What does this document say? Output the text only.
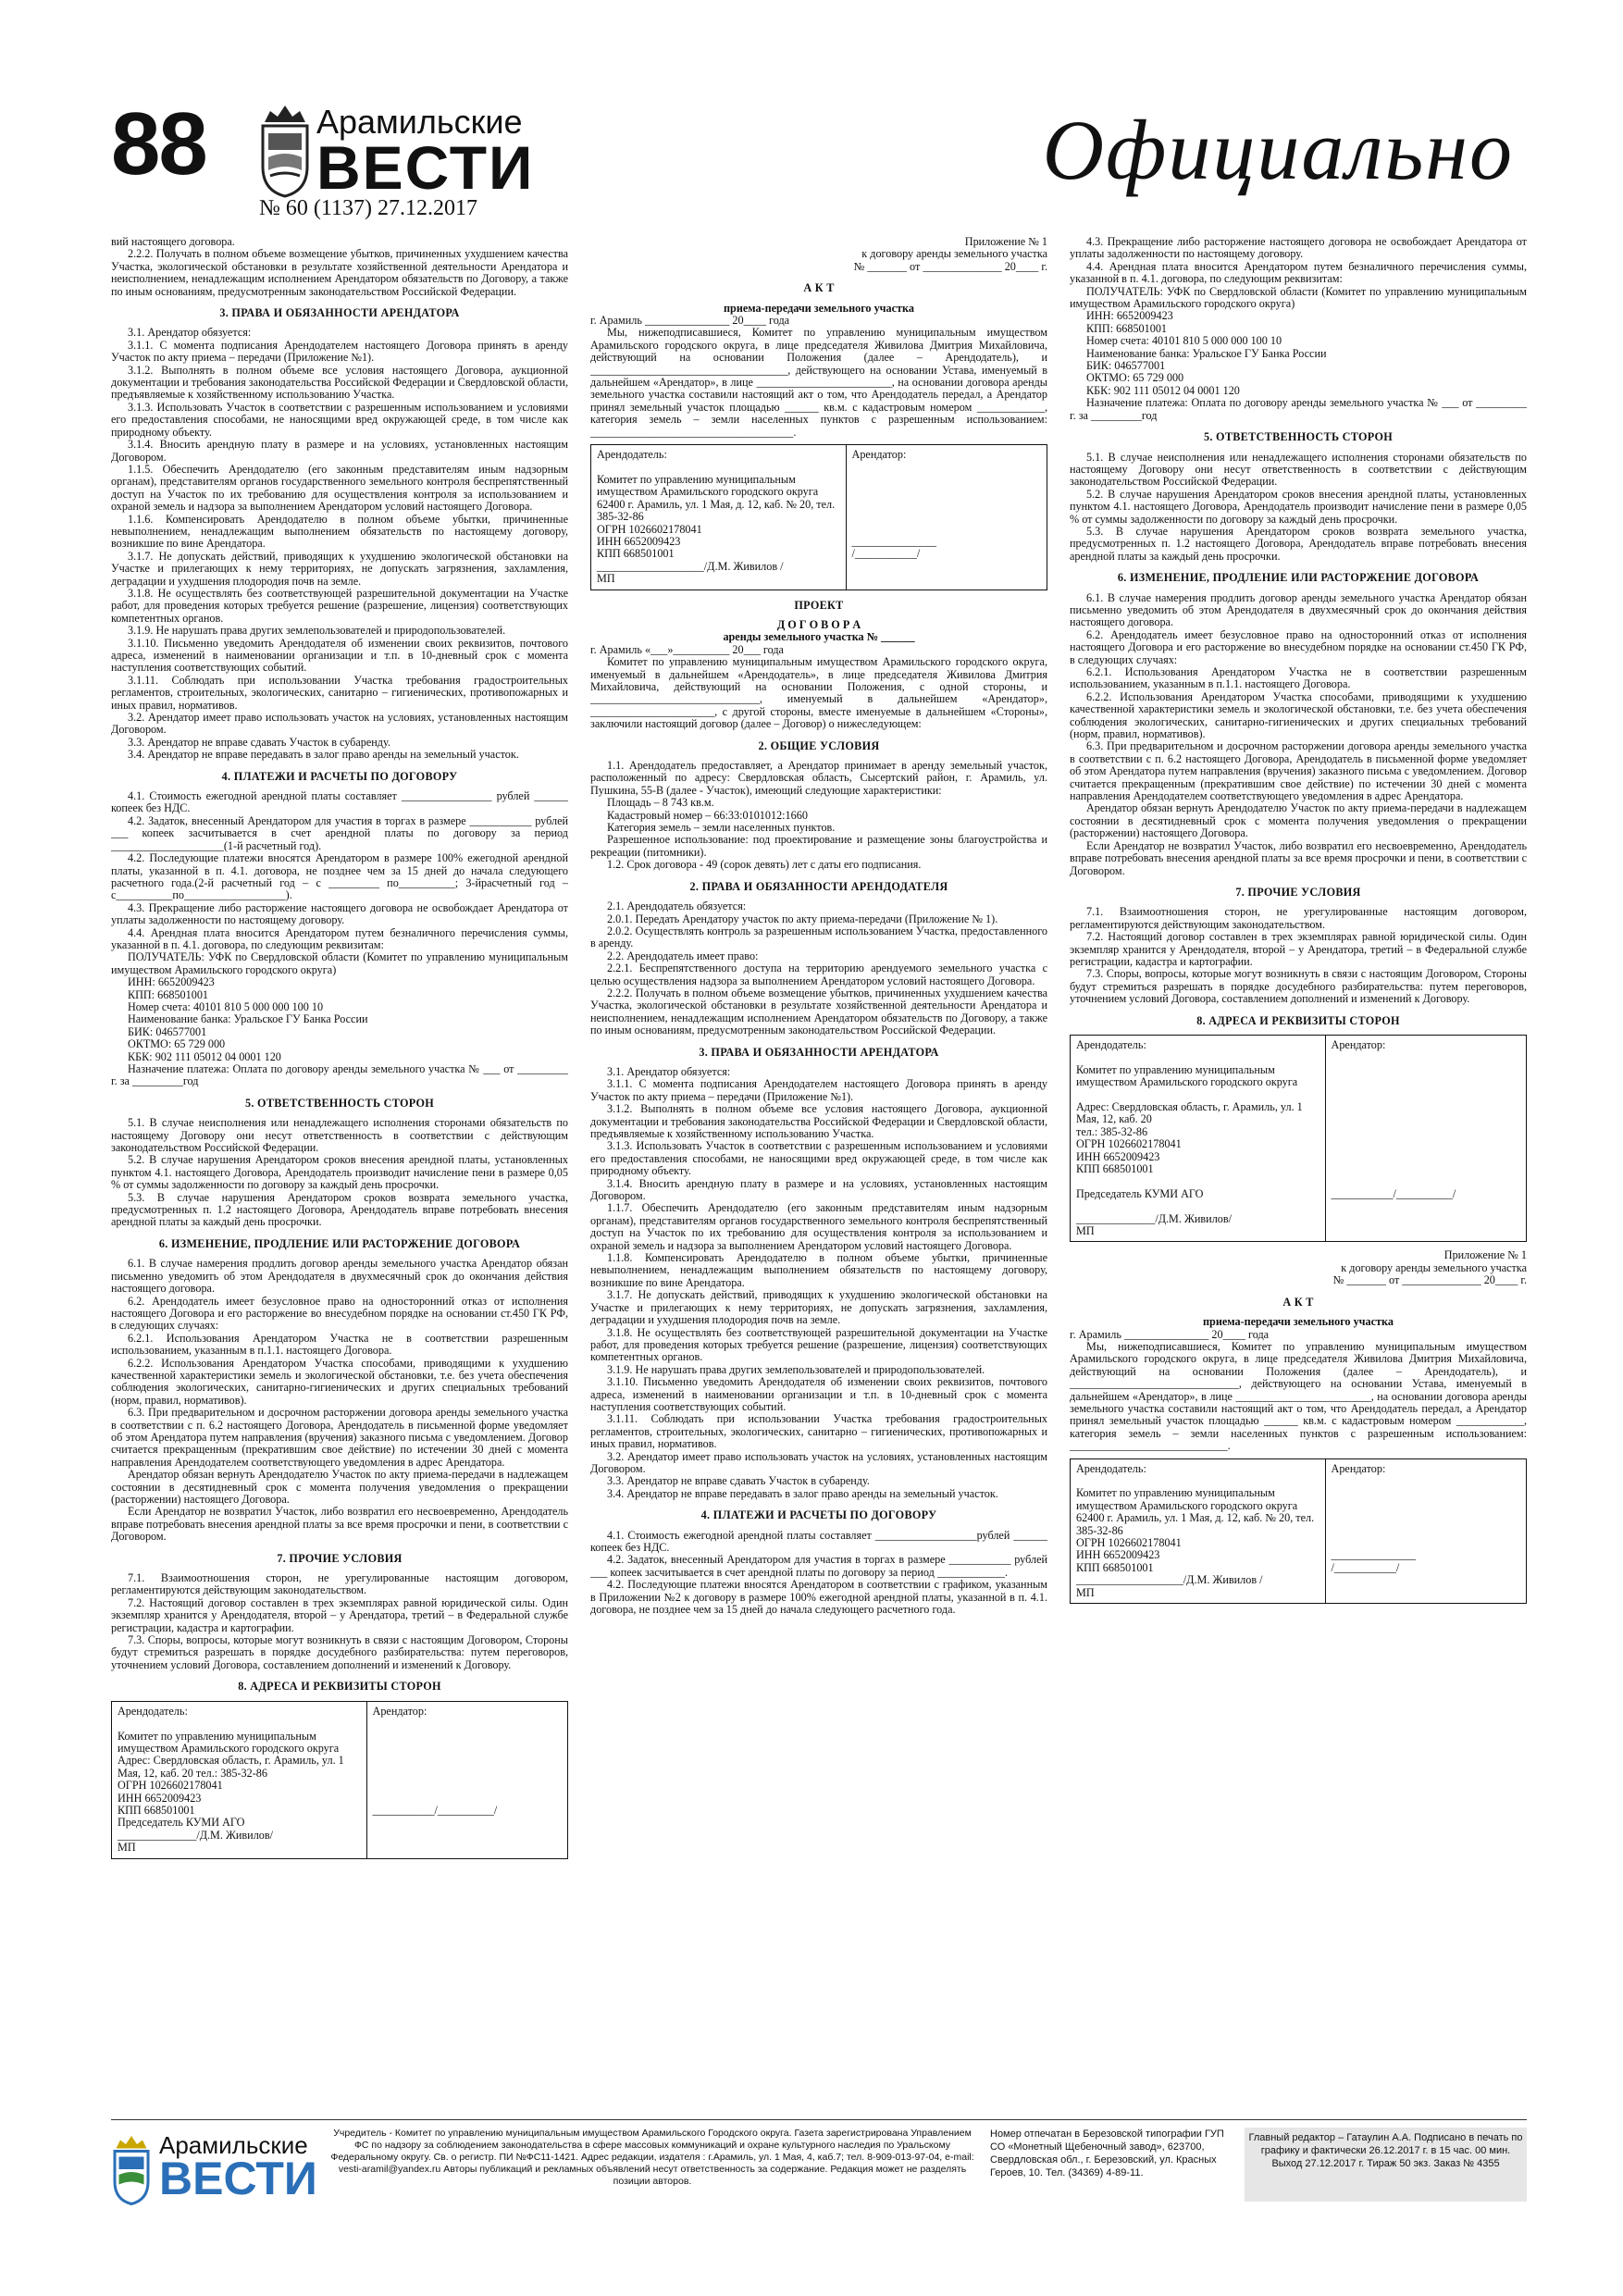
88	Арамильские
ВЕСТИ
№ 60 (1137) 27.12.2017
Официально

вий настоящего договора.

2.2.2. Получать в полном объеме возмещение убытков, причиненных ухудшением качества Участка, экологической обстановки в результате хозяйственной деятельности Арендатора и неисполнением, ненадлежащим исполнением Арендатором обязательств по Договору, а также по иным основаниям, предусмотренным законодательством Российской Федерации.

3. ПРАВА И ОБЯЗАННОСТИ АРЕНДАТОРА

3.1. Арендатор обязуется:

3.1.1. С момента подписания Арендодателем настоящего Договора принять в аренду Участок по акту приема – передачи (Приложение №1).

3.1.2. Выполнять в полном объеме все условия настоящего Договора, аукционной документации и требования законодательства Российской Федерации и Свердловской области, предъявляемые к хозяйственному использованию Участка.

3.1.3. Использовать Участок в соответствии с разрешенным использованием и условиями его предоставления способами, не наносящими вред окружающей среде, в том числе как природному объекту.

3.1.4. Вносить арендную плату в размере и на условиях, установленных настоящим Договором.

1.1.5. Обеспечить Арендодателю (его законным представителям иным надзорным органам), представителям органов государственного земельного контроля беспрепятственный доступ на Участок по их требованию для осуществления контроля за использованием и охраной земель и надзора за выполнением Арендатором условий настоящего Договора.

1.1.6. Компенсировать Арендодателю в полном объеме убытки, причиненные невыполнением, ненадлежащим выполнением обязательств по настоящему договору, возникшие по вине Арендатора.

3.1.7. Не допускать действий, приводящих к ухудшению экологической обстановки на Участке и прилегающих к нему территориях, не допускать загрязнения, захламления, деградации и ухудшения плодородия почв на земле.

3.1.8. Не осуществлять без соответствующей разрешительной документации на Участке работ, для проведения которых требуется решение (разрешение, лицензия) соответствующих компетентных органов.

3.1.9. Не нарушать права других землепользователей и природопользователей.

3.1.10. Письменно уведомить Арендодателя об изменении своих реквизитов, почтового адреса, изменений в наименовании организации и т.п. в 10-дневный срок с момента наступления соответствующих событий.

3.1.11. Соблюдать при использовании Участка требования градостроительных регламентов, строительных, экологических, санитарно – гигиенических, противопожарных и иных правил, нормативов.

3.2. Арендатор имеет право использовать участок на условиях, установленных настоящим Договором.

3.3. Арендатор не вправе сдавать Участок в субаренду.

3.4. Арендатор не вправе передавать в залог право аренды на земельный участок.

4. ПЛАТЕЖИ И РАСЧЕТЫ ПО ДОГОВОРУ

4.1. Стоимость ежегодной арендной платы составляет ________________ рублей ______ копеек без НДС.

4.2. Задаток, внесенный Арендатором для участия в торгах в размере ___________ рублей ___ копеек засчитывается в счет арендной платы по договору за период ____________________(1-й расчетный год).

4.2. Последующие платежи вносятся Арендатором в размере 100% ежегодной арендной платы, указанной в п. 4.1. договора, не позднее чем за 15 дней до начала следующего расчетного года.(2-й расчетный год – с _________ по__________; 3-йрасчетный год – с__________по__________________).

4.3. Прекращение либо расторжение настоящего договора не освобождает Арендатора от уплаты задолженности по настоящему договору.

4.4. Арендная плата вносится Арендатором путем безналичного перечисления суммы, указанной в п. 4.1. договора, по следующим реквизитам:

ПОЛУЧАТЕЛЬ: УФК по Свердловской области (Комитет по управлению муниципальным имуществом Арамильского городского округа)

ИНН: 6652009423

КПП: 668501001

Номер счета: 40101 810 5 000 000 100 10

Наименование банка: Уральское ГУ Банка России

БИК: 046577001

ОКТМО: 65 729 000

КБК: 902 111 05012 04 0001 120

Назначение платежа: Оплата по договору аренды земельного участка № ___ от _________ г. за _________год

5. ОТВЕТСТВЕННОСТЬ СТОРОН

5.1. В случае неисполнения или ненадлежащего исполнения сторонами обязательств по настоящему Договору они несут ответственность в соответствии с действующим законодательством Российской Федерации.

5.2. В случае нарушения Арендатором сроков внесения арендной платы, установленных пунктом 4.1. настоящего Договора, Арендодатель производит начисление пени в размере 0,05 % от суммы задолженности по договору за каждый день просрочки.

5.3. В случае нарушения Арендатором сроков возврата земельного участка, предусмотренных п. 1.2 настоящего Договора, Арендодатель вправе потребовать внесения арендной платы за каждый день просрочки.

6. ИЗМЕНЕНИЕ, ПРОДЛЕНИЕ ИЛИ РАСТОРЖЕНИЕ ДОГОВОРА

6.1. В случае намерения продлить договор аренды земельного участка Арендатор обязан письменно уведомить об этом Арендодателя в двухмесячный срок до окончания действия настоящего договора.

6.2. Арендодатель имеет безусловное право на односторонний отказ от исполнения настоящего Договора и его расторжение во внесудебном порядке на основании ст.450 ГК РФ, в следующих случаях:

6.2.1. Использования Арендатором Участка не в соответствии разрешенным использованием, указанным в п.1.1. настоящего Договора.

6.2.2. Использования Арендатором Участка способами, приводящими к ухудшению качественной характеристики земель и экологической обстановки, т.е. без учета обеспечения соблюдения экологических, санитарно-гигиенических и других специальных требований (норм, правил, нормативов).

6.3. При предварительном и досрочном расторжении договора аренды земельного участка в соответствии с п. 6.2 настоящего Договора, Арендодатель в письменной форме уведомляет об этом Арендатора путем направления (вручения) заказного письма с уведомлением. Договор считается прекращенным (прекратившим свое действие) по истечении 30 дней с момента направления Арендодателем соответствующего уведомления в адрес Арендатора.

Арендатор обязан вернуть Арендодателю Участок по акту приема-передачи в надлежащем состоянии в десятидневный срок с момента получения уведомления о прекращении (расторжении) настоящего Договора.

Если Арендатор не возвратил Участок, либо возвратил его несвоевременно, Арендодатель вправе потребовать внесения арендной платы за все время просрочки и пени, в соответствии с Договором.

7. ПРОЧИЕ УСЛОВИЯ

7.1. Взаимоотношения сторон, не урегулированные настоящим договором, регламентируются действующим законодательством.

7.2. Настоящий договор составлен в трех экземплярах равной юридической силы. Один экземпляр хранится у Арендодателя, второй – у Арендатора, третий – в Федеральной службе регистрации, кадастра и картографии.

7.3. Споры, вопросы, которые могут возникнуть в связи с настоящим Договором, Стороны будут стремиться разрешать в порядке досудебного разбирательства: путем переговоров, уточнением условий Договора, составлением дополнений и изменений к Договору.

8. АДРЕСА И РЕКВИЗИТЫ СТОРОН

Арендодатель:

Комитет по управлению муниципальным имуществом Арамильского городского округа

Адрес: Свердловская область, г. Арамиль, ул. 1 Мая, 12, каб. 20 тел.: 385-32-86

ОГРН 1026602178041

ИНН 6652009423

КПП 668501001

Председатель КУМИ АГО

______________/Д.М. Живилов/

МП

Арендатор:

___________/__________/

Приложение № 1

к договору аренды земельного участка

№ _______ от ______________ 20____ г.

А К Т

приема-передачи земельного участка

г. Арамиль _______________ 20____ года

Мы, нижеподписавшиеся, Комитет по управлению муниципальным имуществом Арамильского городского округа, в лице председателя Живилова Дмитрия Михайловича, действующий на основании Положения (далее – Арендодатель), и ___________________________________, действующего на основании Устава, именуемый в дальнейшем «Арендатор», в лице ________________________, на основании договора аренды земельного участка составили настоящий акт о том, что Арендодатель передал, а Арендатор принял земельный участок площадью ______ кв.м. с кадастровым номером ____________, категория земель – земли населенных пунктов с разрешенным использованием: ____________________________________.

Арендодатель:

Комитет по управлению муниципальным имуществом Арамильского городского округа

62400 г. Арамиль, ул. 1 Мая, д. 12, каб. № 20, тел. 385-32-86

ОГРН 1026602178041

ИНН 6652009423

КПП 668501001

___________________/Д.М. Живилов /

МП

Арендатор:

_______________

/___________/

ПРОЕКТ

Д О Г О В О Р А

аренды земельного участка № ______

г. Арамиль «___»__________ 20___ года

Комитет по управлению муниципальным имуществом Арамильского городского округа, именуемый в дальнейшем «Арендодатель», в лице председателя Живилова Дмитрия Михайловича, действующий на основании Положения, с одной стороны, и ______________________________, именуемый в дальнейшем «Арендатор», ______________________, с другой стороны, вместе именуемые в дальнейшем «Стороны», заключили настоящий договор (далее – Договор) о нижеследующем:

2. ОБЩИЕ УСЛОВИЯ

1.1. Арендодатель предоставляет, а Арендатор принимает в аренду земельный участок, расположенный по адресу: Свердловская область, Сысертский район, г. Арамиль, ул. Пушкина, 55-В (далее - Участок), имеющий следующие характеристики:

Площадь – 8 743 кв.м.

Кадастровый номер – 66:33:0101012:1660

Категория земель – земли населенных пунктов.

Разрешенное использование: под проектирование и размещение зоны благоустройства и рекреации (питомники).

1.2. Срок договора - 49 (сорок девять) лет с даты его подписания.

2. ПРАВА И ОБЯЗАННОСТИ АРЕНДОДАТЕЛЯ

2.1. Арендодатель обязуется:

2.0.1. Передать Арендатору участок по акту приема-передачи (Приложение № 1).

2.0.2. Осуществлять контроль за разрешенным использованием Участка, предоставленного в аренду.

2.2. Арендодатель имеет право:

2.2.1. Беспрепятственного доступа на территорию арендуемого земельного участка с целью осуществления надзора за выполнением Арендатором условий настоящего Договора.

2.2.2. Получать в полном объеме возмещение убытков, причиненных ухудшением качества Участка, экологической обстановки в результате хозяйственной деятельности Арендатора и неисполнением, ненадлежащим исполнением Арендатором обязательств по Договору, а также по иным основаниям, предусмотренным законодательством Российской Федерации.

3. ПРАВА И ОБЯЗАННОСТИ АРЕНДАТОРА

3.1. Арендатор обязуется:

3.1.1. С момента подписания Арендодателем настоящего Договора принять в аренду Участок по акту приема – передачи (Приложение №1).

3.1.2. Выполнять в полном объеме все условия настоящего Договора, аукционной документации и требования законодательства Российской Федерации и Свердловской области, предъявляемые к хозяйственному использованию Участка.

3.1.3. Использовать Участок в соответствии с разрешенным использованием и условиями его предоставления способами, не наносящими вред окружающей среде, в том числе как природному объекту.

3.1.4. Вносить арендную плату в размере и на условиях, установленных настоящим Договором.

1.1.7. Обеспечить Арендодателю (его законным представителям иным надзорным органам), представителям органов государственного земельного контроля беспрепятственный доступ на Участок по их требованию для осуществления контроля за использованием и охраной земель и надзора за выполнением Арендатором условий настоящего Договора.

1.1.8. Компенсировать Арендодателю в полном объеме убытки, причиненные невыполнением, ненадлежащим выполнением обязательств по настоящему договору, возникшие по вине Арендатора.

3.1.7. Не допускать действий, приводящих к ухудшению экологической обстановки на Участке и прилегающих к нему территориях, не допускать загрязнения, захламления, деградации и ухудшения плодородия почв на земле.

3.1.8. Не осуществлять без соответствующей разрешительной документации на Участке работ, для проведения которых требуется решение (разрешение, лицензия) соответствующих компетентных органов.

3.1.9. Не нарушать права других землепользователей и природопользователей.

3.1.10. Письменно уведомить Арендодателя об изменении своих реквизитов, почтового адреса, изменений в наименовании организации и т.п. в 10-дневный срок с момента наступления соответствующих событий.

3.1.11. Соблюдать при использовании Участка требования градостроительных регламентов, строительных, экологических, санитарно – гигиенических, противопожарных и иных правил, нормативов.

3.2. Арендатор имеет право использовать участок на условиях, установленных настоящим Договором.

3.3. Арендатор не вправе сдавать Участок в субаренду.

3.4. Арендатор не вправе передавать в залог право аренды на земельный участок.

4. ПЛАТЕЖИ И РАСЧЕТЫ ПО ДОГОВОРУ

4.1. Стоимость ежегодной арендной платы составляет __________________рублей ______ копеек без НДС.

4.2. Задаток, внесенный Арендатором для участия в торгах в размере ___________ рублей ___ копеек засчитывается в счет арендной платы по договору за период ____________.

4.2. Последующие платежи вносятся Арендатором в соответствии с графиком, указанным в Приложении №2 к договору в размере 100% ежегодной арендной платы, указанной в п. 4.1. договора, не позднее чем за 15 дней до начала следующего расчетного года.

4.3. Прекращение либо расторжение настоящего договора не освобождает Арендатора от уплаты задолженности по настоящему договору.

4.4. Арендная плата вносится Арендатором путем безналичного перечисления суммы, указанной в п. 4.1. договора, по следующим реквизитам:

ПОЛУЧАТЕЛЬ: УФК по Свердловской области (Комитет по управлению муниципальным имуществом Арамильского городского округа)

ИНН: 6652009423

КПП: 668501001

Номер счета: 40101 810 5 000 000 100 10

Наименование банка: Уральское ГУ Банка России

БИК: 046577001

ОКТМО: 65 729 000

КБК: 902 111 05012 04 0001 120

Назначение платежа: Оплата по договору аренды земельного участка № ___ от _________ г. за _________год

5. ОТВЕТСТВЕННОСТЬ СТОРОН

5.1. В случае неисполнения или ненадлежащего исполнения сторонами обязательств по настоящему Договору они несут ответственность в соответствии с действующим законодательством Российской Федерации.

5.2. В случае нарушения Арендатором сроков внесения арендной платы, установленных пунктом 4.1. настоящего Договора, Арендодатель производит начисление пени в размере 0,05 % от суммы задолженности по договору за каждый день просрочки.

5.3. В случае нарушения Арендатором сроков возврата земельного участка, предусмотренных п. 1.2 настоящего Договора, Арендодатель вправе потребовать внесения арендной платы за каждый день просрочки.

6. ИЗМЕНЕНИЕ, ПРОДЛЕНИЕ ИЛИ РАСТОРЖЕНИЕ ДОГОВОРА

6.1. В случае намерения продлить договор аренды земельного участка Арендатор обязан письменно уведомить об этом Арендодателя в двухмесячный срок до окончания действия настоящего договора.

6.2. Арендодатель имеет безусловное право на односторонний отказ от исполнения настоящего Договора и его расторжение во внесудебном порядке на основании ст.450 ГК РФ, в следующих случаях:

6.2.1. Использования Арендатором Участка не в соответствии разрешенным использованием, указанным в п.1.1. настоящего Договора.

6.2.2. Использования Арендатором Участка способами, приводящими к ухудшению качественной характеристики земель и экологической обстановки, т.е. без учета обеспечения соблюдения экологических, санитарно-гигиенических и других специальных требований (норм, правил, нормативов).

6.3. При предварительном и досрочном расторжении договора аренды земельного участка в соответствии с п. 6.2 настоящего Договора, Арендодатель в письменной форме уведомляет об этом Арендатора путем направления (вручения) заказного письма с уведомлением. Договор считается прекращенным (прекратившим свое действие) по истечении 30 дней с момента направления Арендодателем соответствующего уведомления в адрес Арендатора.

Арендатор обязан вернуть Арендодателю Участок по акту приема-передачи в надлежащем состоянии в десятидневный срок с момента получения уведомления о прекращении (расторжении) настоящего Договора.

Если Арендатор не возвратил Участок, либо возвратил его несвоевременно, Арендодатель вправе потребовать внесения арендной платы за все время просрочки и пени, в соответствии с Договором.

7. ПРОЧИЕ УСЛОВИЯ

7.1. Взаимоотношения сторон, не урегулированные настоящим договором, регламентируются действующим законодательством.

7.2. Настоящий договор составлен в трех экземплярах равной юридической силы. Один экземпляр хранится у Арендодателя, второй – у Арендатора, третий – в Федеральной службе регистрации, кадастра и картографии.

7.3. Споры, вопросы, которые могут возникнуть в связи с настоящим Договором, Стороны будут стремиться разрешать в порядке досудебного разбирательства: путем переговоров, уточнением условий Договора, составлением дополнений и изменений к Договору.

8. АДРЕСА И РЕКВИЗИТЫ СТОРОН

Арендодатель:

Комитет по управлению муниципальным имуществом Арамильского городского округа

Адрес: Свердловская область, г. Арамиль, ул. 1 Мая, 12, каб. 20

тел.: 385-32-86

ОГРН 1026602178041

ИНН 6652009423

КПП 668501001

Председатель КУМИ АГО

______________/Д.М. Живилов/

МП

Арендатор:

___________/__________/

Приложение № 1

к договору аренды земельного участка

№ _______ от ______________ 20____ г.

А К Т

приема-передачи земельного участка

г. Арамиль _______________ 20____ года

Мы, нижеподписавшиеся, Комитет по управлению муниципальным имуществом Арамильского городского округа, в лице председателя Живилова Дмитрия Михайловича, действующий на основании Положения (далее – Арендодатель), и ______________________________, действующего на основании Устава, именуемый в дальнейшем «Арендатор», в лице ________________________, на основании договора аренды земельного участка составили настоящий акт о том, что Арендодатель передал, а Арендатор принял земельный участок площадью ______ кв.м. с кадастровым номером ____________, категория земель – земли населенных пунктов с разрешенным использованием: ____________________________.

Арендодатель:

Комитет по управлению муниципальным имуществом Арамильского городского округа

62400 г. Арамиль, ул. 1 Мая, д. 12, каб. № 20, тел. 385-32-86

ОГРН 1026602178041

ИНН 6652009423

КПП 668501001

___________________/Д.М. Живилов /

МП

Арендатор:

_______________

/___________/

Арамильские
ВЕСТИ
Учредитель - Комитет по управлению муниципальным имуществом Арамильского Городского округа. Газета зарегистрирована Управлением ФС по надзору за соблюдением законодательства в сфере массовых коммуникаций и охране культурного наследия по Уральскому Федеральному округу. Св. о регистр. ПИ №ФС11-1421. Адрес редакции, издателя : г.Арамиль, ул. 1 Мая, 4, каб.7; тел. 8-909-013-97-04, e-mail: vesti-aramil@yandex.ru Авторы публикаций и рекламных объявлений несут ответственность за содержание. Редакция может не разделять позиции авторов.
Номер отпечатан в Березовской типографии ГУП СО «Монетный Щебеночный завод», 623700, Свердловская обл., г. Березовский, ул. Красных Героев, 10. Тел. (34369) 4-89-11.
Главный редактор – Гатаулин А.А. Подписано в печать по графику и фактически 26.12.2017 г. в 15 час. 00 мин. Выход 27.12.2017 г. Тираж 50 экз. Заказ № 4355
